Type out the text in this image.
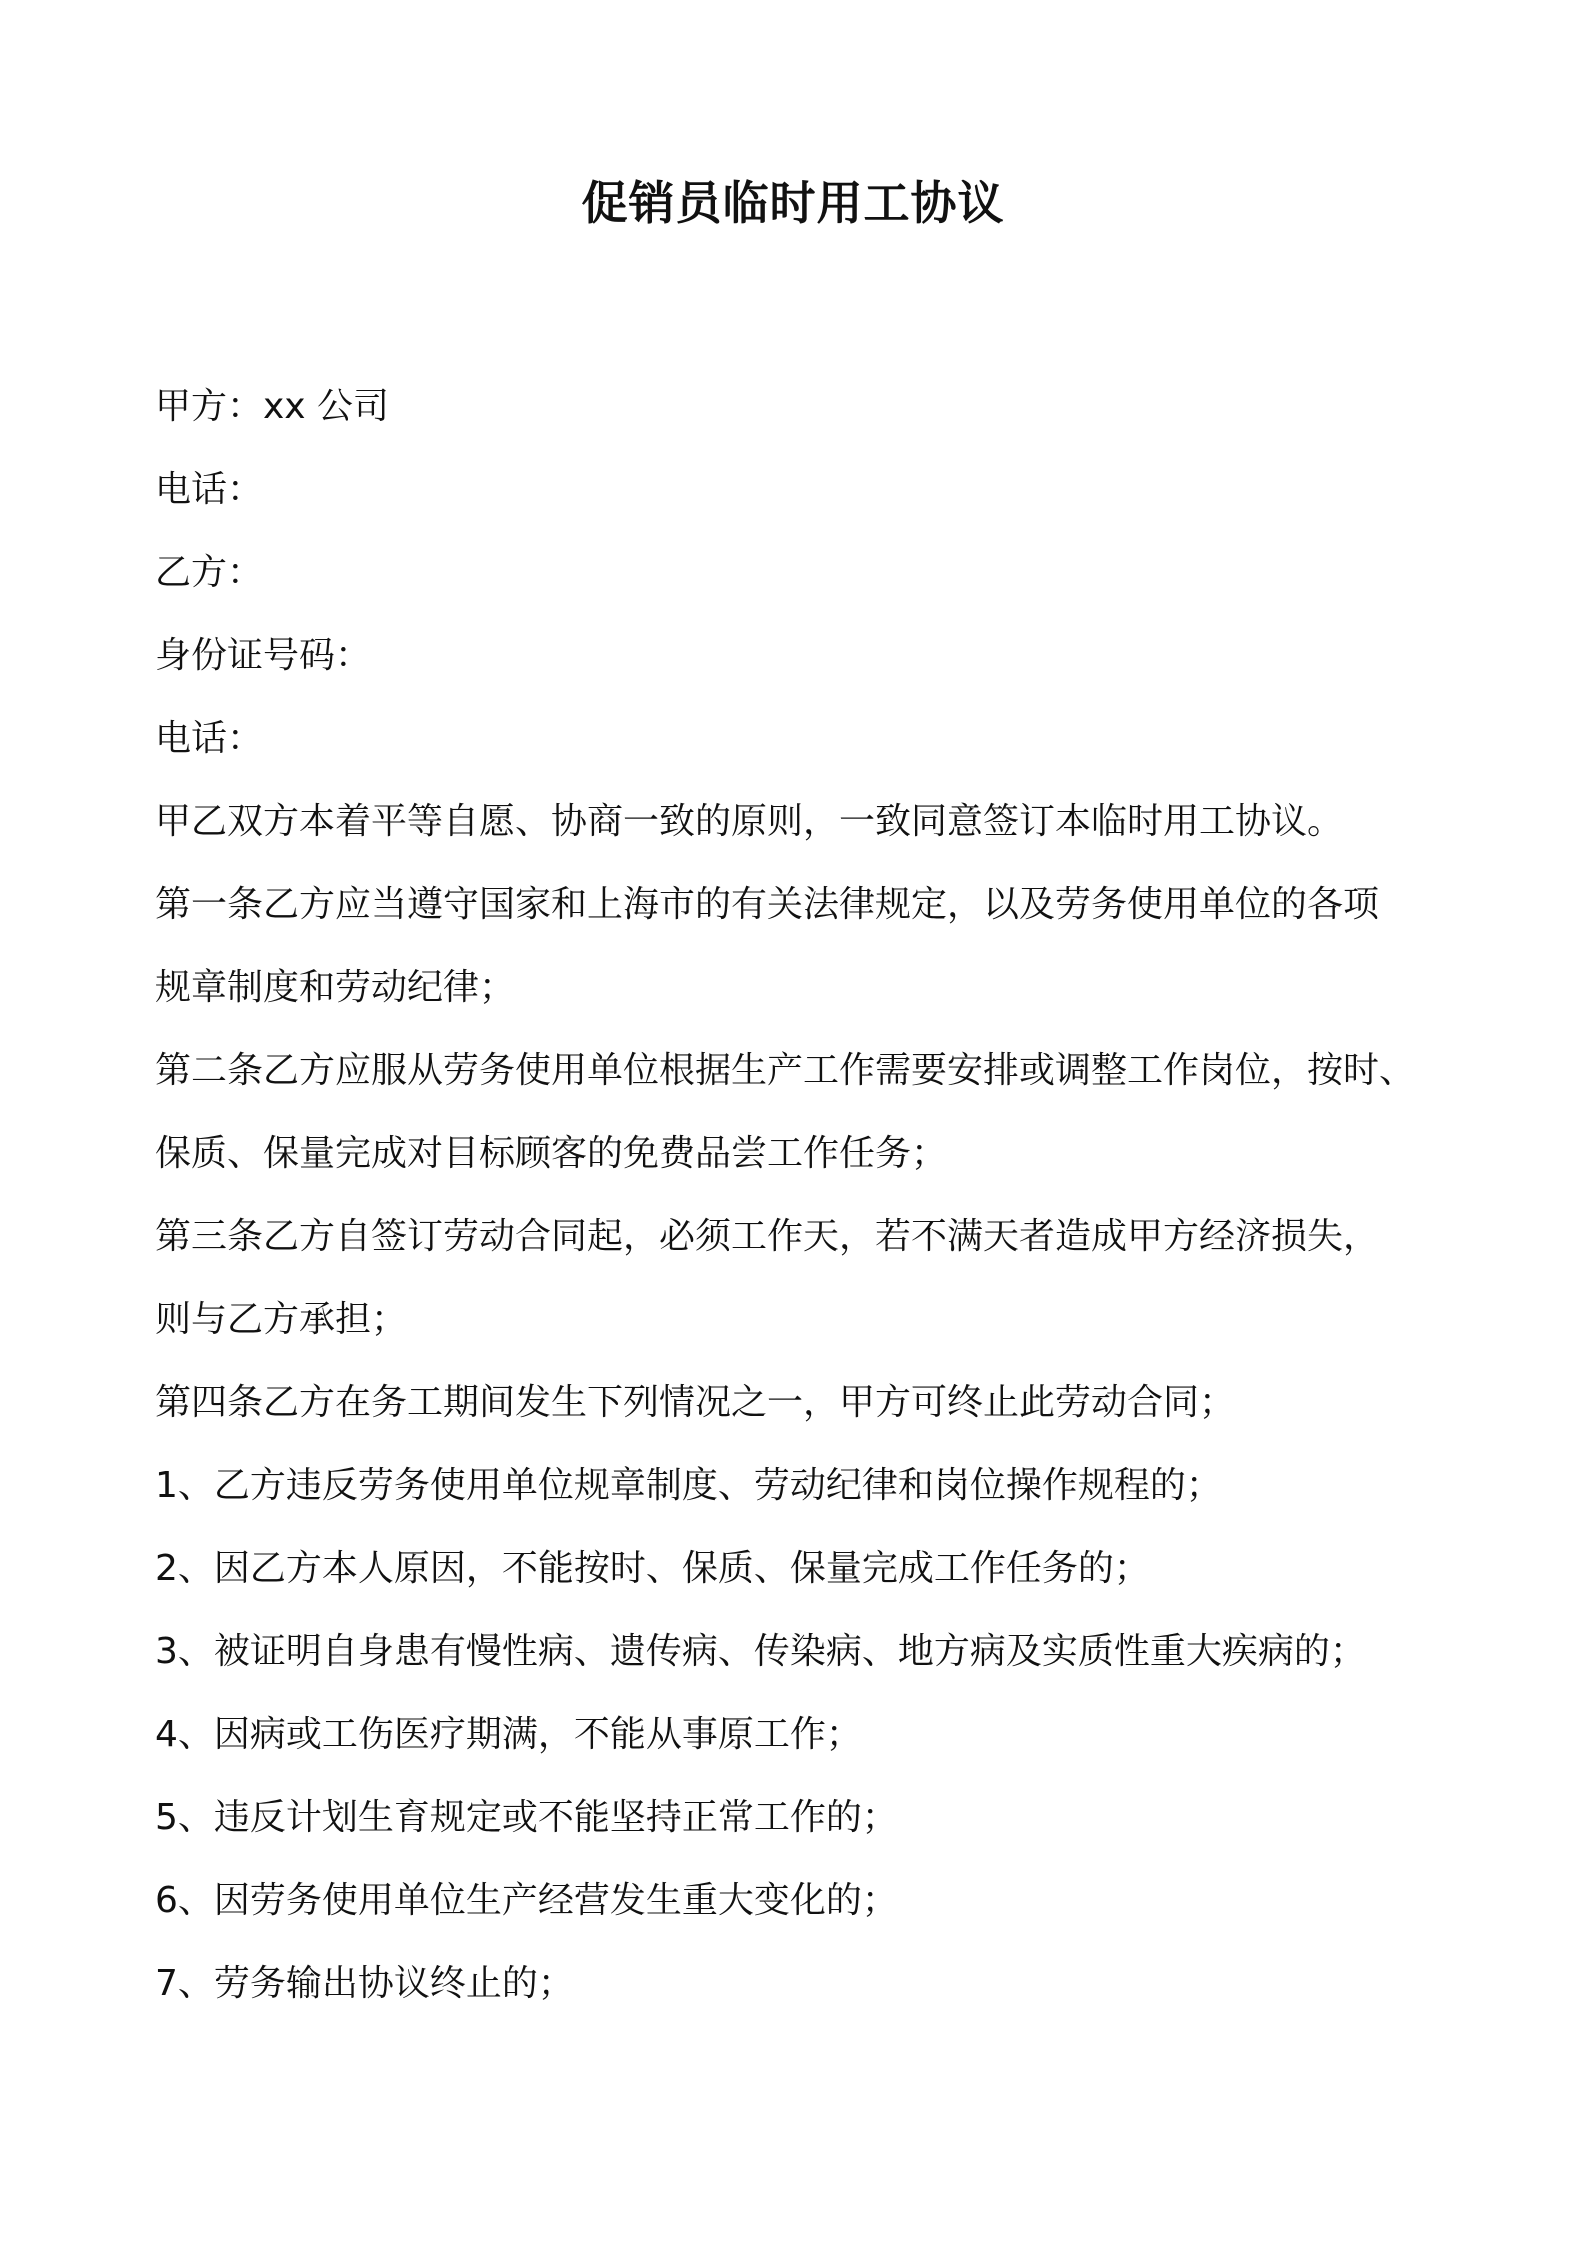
促销员临时用工协议
甲方：xx 公司
电话：
乙方：
身份证号码：
电话：
甲乙双方本着平等自愿、协商一致的原则，一致同意签订本临时用工协议。
第一条乙方应当遵守国家和上海市的有关法律规定，以及劳务使用单位的各项
规章制度和劳动纪律；
第二条乙方应服从劳务使用单位根据生产工作需要安排或调整工作岗位，按时、
保质、保量完成对目标顾客的免费品尝工作任务；
第三条乙方自签订劳动合同起，必须工作天，若不满天者造成甲方经济损失，
则与乙方承担；
第四条乙方在务工期间发生下列情况之一，甲方可终止此劳动合同；
1、乙方违反劳务使用单位规章制度、劳动纪律和岗位操作规程的；
2、因乙方本人原因，不能按时、保质、保量完成工作任务的；
3、被证明自身患有慢性病、遗传病、传染病、地方病及实质性重大疾病的；
4、因病或工伤医疗期满，不能从事原工作；
5、违反计划生育规定或不能坚持正常工作的；
6、因劳务使用单位生产经营发生重大变化的；
7、劳务输出协议终止的；
